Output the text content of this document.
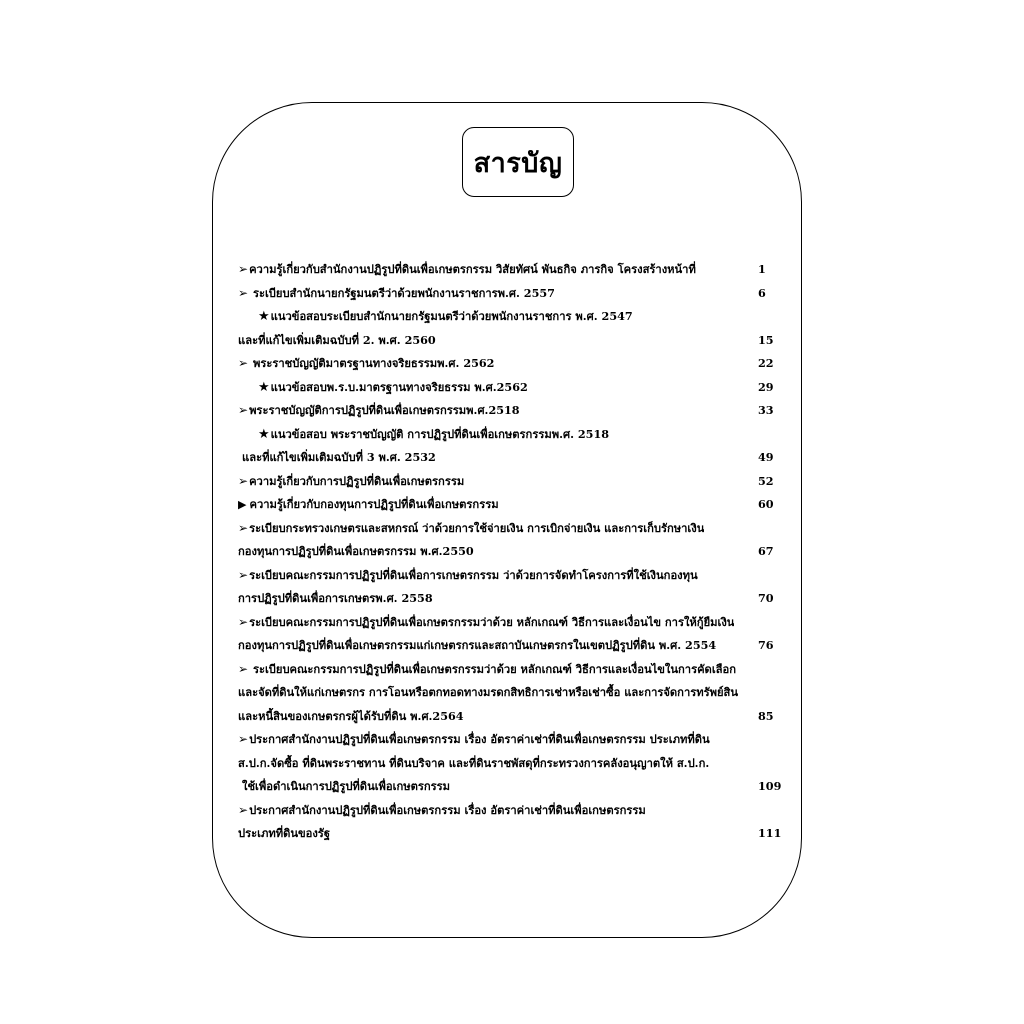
สารบัญ
➢ความรู้เกี่ยวกับสำนักงานปฏิรูปที่ดินเพื่อเกษตรกรรม วิสัยทัศน์ พันธกิจ ภารกิจ โครงสร้างหน้าที่	1
➢ ระเบียบสำนักนายกรัฐมนตรีว่าด้วยพนักงานราชการพ.ศ. 2557	6
★แนวข้อสอบระเบียบสำนักนายกรัฐมนตรีว่าด้วยพนักงานราชการ พ.ศ. 2547
และที่แก้ไขเพิ่มเติมฉบับที่ 2. พ.ศ. 2560	15
➢ พระราชบัญญัติมาตรฐานทางจริยธรรมพ.ศ. 2562	22
★แนวข้อสอบพ.ร.บ.มาตรฐานทางจริยธรรม พ.ศ.2562	29
➢พระราชบัญญัติการปฏิรูปที่ดินเพื่อเกษตรกรรมพ.ศ.2518	33
★แนวข้อสอบ พระราชบัญญัติ การปฏิรูปที่ดินเพื่อเกษตรกรรมพ.ศ. 2518
และที่แก้ไขเพิ่มเติมฉบับที่ 3 พ.ศ. 2532	49
➢ความรู้เกี่ยวกับการปฏิรูปที่ดินเพื่อเกษตรกรรม	52
▶ ความรู้เกี่ยวกับกองทุนการปฏิรูปที่ดินเพื่อเกษตรกรรม	60
➢ระเบียบกระทรวงเกษตรและสหกรณ์ ว่าด้วยการใช้จ่ายเงิน การเบิกจ่ายเงิน และการเก็บรักษาเงิน
กองทุนการปฏิรูปที่ดินเพื่อเกษตรกรรม พ.ศ.2550	67
➢ระเบียบคณะกรรมการปฏิรูปที่ดินเพื่อการเกษตรกรรม ว่าด้วยการจัดทำโครงการที่ใช้เงินกองทุน
การปฏิรูปที่ดินเพื่อการเกษตรพ.ศ. 2558	70
➢ระเบียบคณะกรรมการปฏิรูปที่ดินเพื่อเกษตรกรรมว่าด้วย หลักเกณฑ์ วิธีการและเงื่อนไข การให้กู้ยืมเงิน
กองทุนการปฏิรูปที่ดินเพื่อเกษตรกรรมแก่เกษตรกรและสถาบันเกษตรกรในเขตปฏิรูปที่ดิน พ.ศ. 2554	76
➢ ระเบียบคณะกรรมการปฏิรูปที่ดินเพื่อเกษตรกรรมว่าด้วย หลักเกณฑ์ วิธีการและเงื่อนไขในการคัดเลือก
และจัดที่ดินให้แก่เกษตรกร การโอนหรือตกทอดทางมรดกสิทธิการเช่าหรือเช่าซื้อ และการจัดการทรัพย์สิน
และหนี้สินของเกษตรกรผู้ได้รับที่ดิน พ.ศ.2564	85
➢ประกาศสำนักงานปฏิรูปที่ดินเพื่อเกษตรกรรม เรื่อง อัตราค่าเช่าที่ดินเพื่อเกษตรกรรม ประเภทที่ดิน
ส.ป.ก.จัดซื้อ ที่ดินพระราชทาน ที่ดินบริจาค และที่ดินราชพัสดุที่กระทรวงการคลังอนุญาตให้ ส.ป.ก.
ใช้เพื่อดำเนินการปฏิรูปที่ดินเพื่อเกษตรกรรม	109
➢ประกาศสำนักงานปฏิรูปที่ดินเพื่อเกษตรกรรม เรื่อง อัตราค่าเช่าที่ดินเพื่อเกษตรกรรม
ประเภทที่ดินของรัฐ	111
